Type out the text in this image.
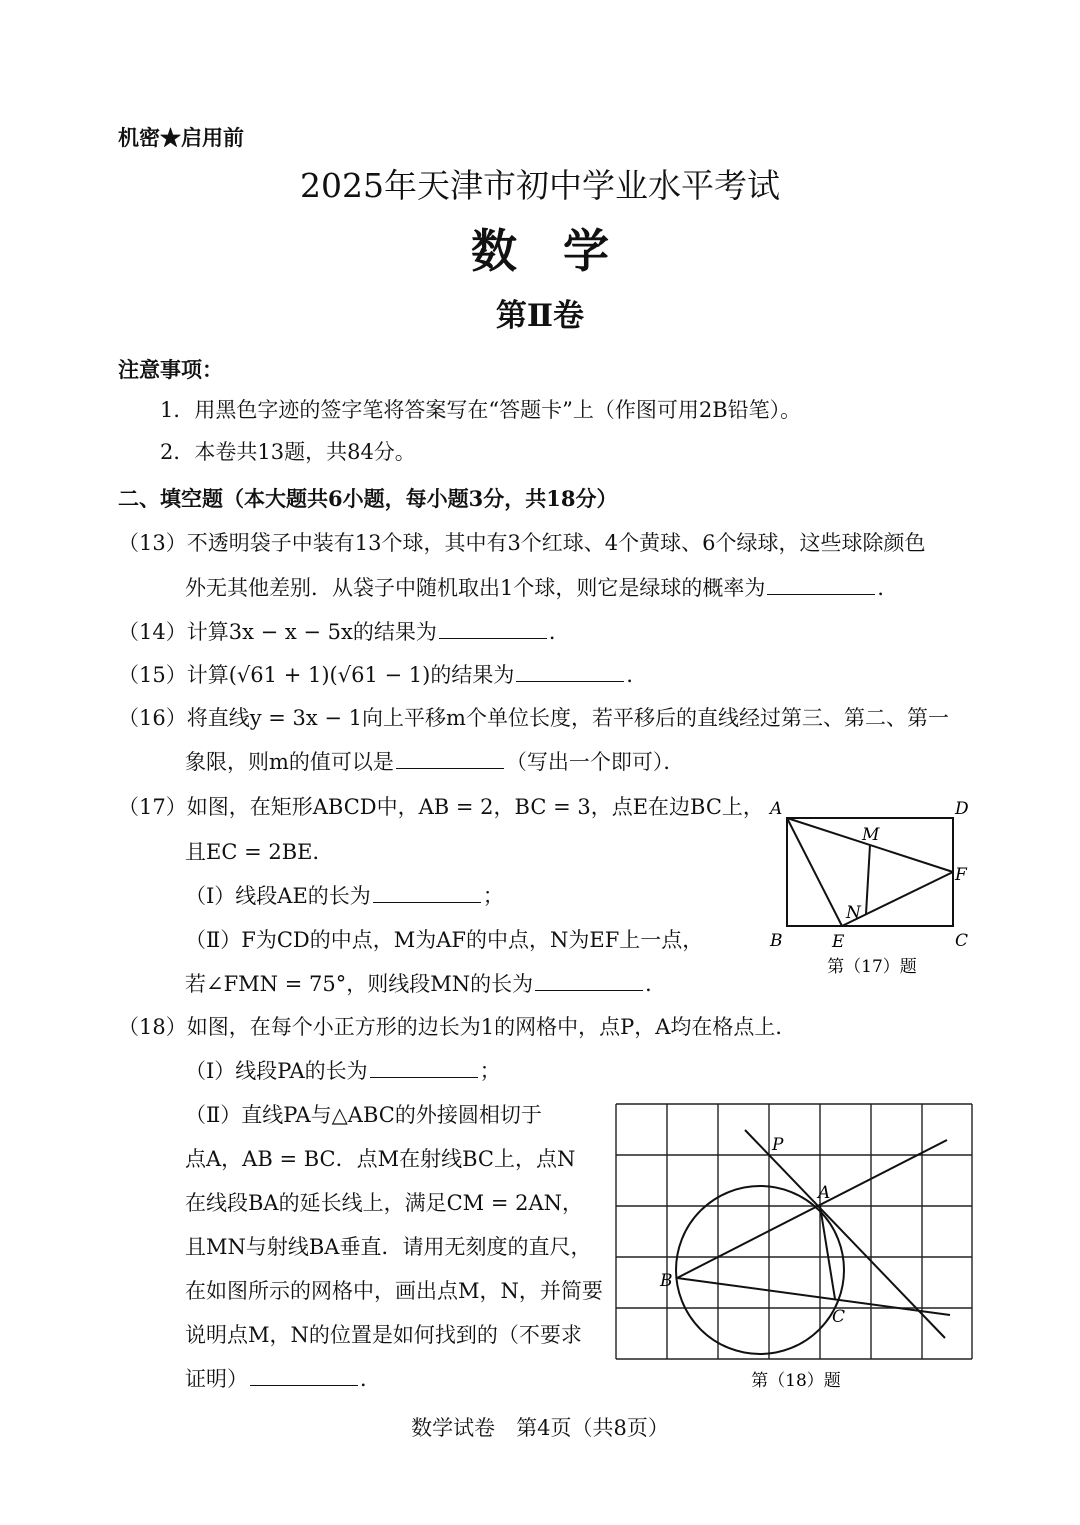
机密★启用前
2025年天津市初中学业水平考试
数　学
第Ⅱ卷
注意事项：
1．用黑色字迹的签字笔将答案写在“答题卡”上（作图可用2B铅笔）。
2．本卷共13题，共84分。
二、填空题（本大题共6小题，每小题3分，共18分）
（13）不透明袋子中装有13个球，其中有3个红球、4个黄球、6个绿球，这些球除颜色
外无其他差别．从袋子中随机取出1个球，则它是绿球的概率为	．
（14）计算3x − x − 5x的结果为	．
（15）计算(√61 + 1)(√61 − 1)的结果为	．
（16）将直线y = 3x − 1向上平移m个单位长度，若平移后的直线经过第三、第二、第一
象限，则m的值可以是	（写出一个即可）．
（17）如图，在矩形ABCD中，AB = 2，BC = 3，点E在边BC上，
且EC = 2BE．
（Ⅰ）线段AE的长为	；
（Ⅱ）F为CD的中点，M为AF的中点，N为EF上一点，
若∠FMN = 75°，则线段MN的长为	．
A	D
B	C
E
F
M
N
第（17）题
（18）如图，在每个小正方形的边长为1的网格中，点P，A均在格点上．
（Ⅰ）线段PA的长为	；
（Ⅱ）直线PA与△ABC的外接圆相切于
点A，AB = BC．点M在射线BC上，点N
在线段BA的延长线上，满足CM = 2AN，
且MN与射线BA垂直．请用无刻度的直尺，
在如图所示的网格中，画出点M，N，并简要
说明点M，N的位置是如何找到的（不要求
证明）	．
P
A
B
C
第（18）题
数学试卷　第4页（共8页）
